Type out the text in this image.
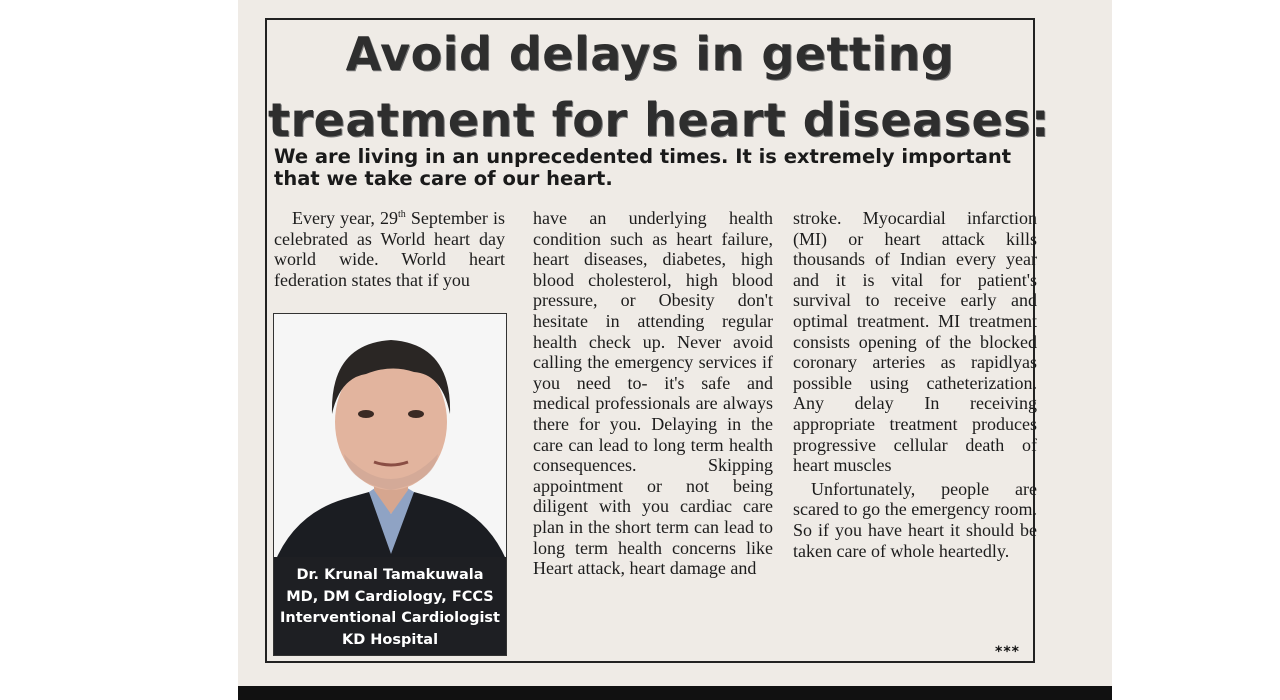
Avoid delays in getting
treatment for heart diseases:

We are living in an unprecedented times. It is extremely important that we take care of our heart.

Every year, 29th September is celebrated as World heart day world wide. World heart federation states that if you

Dr. Krunal Tamakuwala
MD, DM Cardiology, FCCS
Interventional Cardiologist
KD Hospital

have an underlying health condition such as heart failure, heart diseases, diabetes, high blood cholesterol, high blood pressure, or Obesity don't hesitate in attending regular health check up. Never avoid calling the emergency services if you need to- it's safe and medical professionals are always there for you. Delaying in the care can lead to long term health consequences. Skipping appointment or not being diligent with you cardiac care plan in the short term can lead to long term health concerns like Heart attack, heart damage and

stroke. Myocardial infarction (MI) or heart attack kills thousands of Indian every year and it is vital for patient's survival to receive early and optimal treatment. MI treatment consists opening of the blocked coronary arteries as rapidlyas possible using catheterization. Any delay In receiving appropriate treatment produces progressive cellular death of heart muscles

Unfortunately, people are scared to go the emergency room. So if you have heart it should be taken care of whole heartedly.

***
